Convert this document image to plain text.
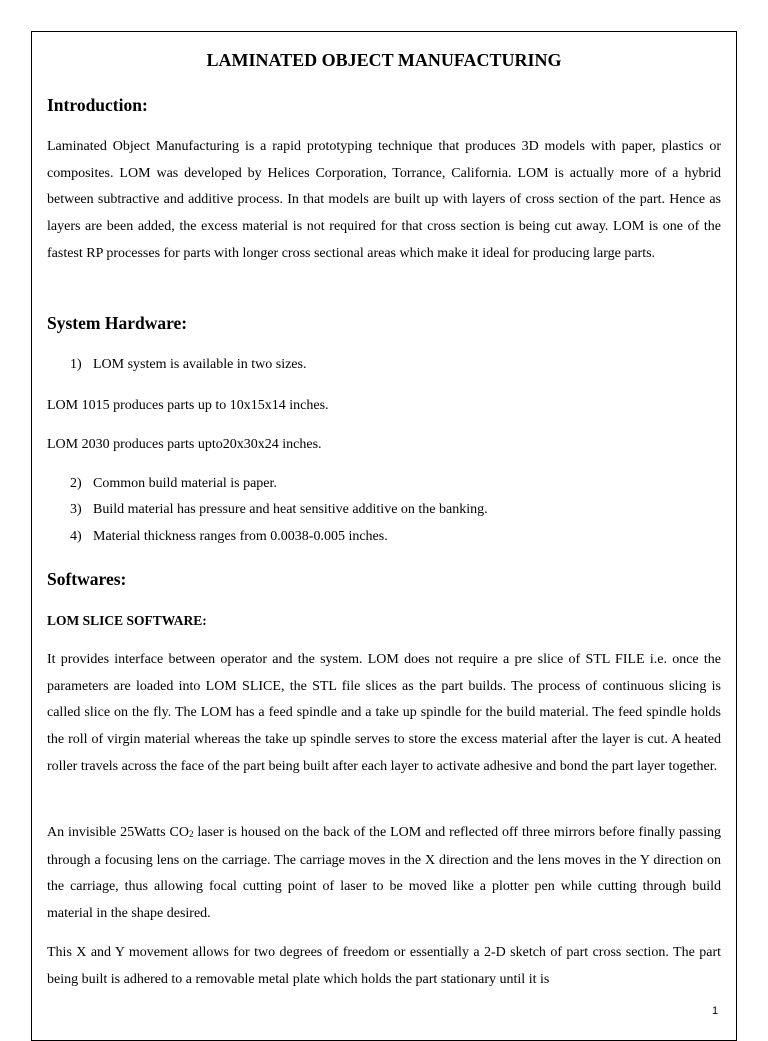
LAMINATED OBJECT MANUFACTURING
Introduction:

Laminated Object Manufacturing is a rapid prototyping technique that produces 3D models with paper, plastics or composites. LOM was developed by Helices Corporation, Torrance, California. LOM is actually more of a hybrid between subtractive and additive process. In that models are built up with layers of cross section of the part. Hence as layers are been added, the excess material is not required for that cross section is being cut away. LOM is one of the fastest RP processes for parts with longer cross sectional areas which make it ideal for producing large parts.

System Hardware:

1) LOM system is available in two sizes.

LOM 1015 produces parts up to 10x15x14 inches.

LOM 2030 produces parts upto20x30x24 inches.

2) Common build material is paper.

3) Build material has pressure and heat sensitive additive on the banking.

4) Material thickness ranges from 0.0038-0.005 inches.

Softwares:
LOM SLICE SOFTWARE:

It provides interface between operator and the system. LOM does not require a pre slice of STL FILE i.e. once the parameters are loaded into LOM SLICE, the STL file slices as the part builds. The process of continuous slicing is called slice on the fly. The LOM has a feed spindle and a take up spindle for the build material. The feed spindle holds the roll of virgin material whereas the take up spindle serves to store the excess material after the layer is cut. A heated roller travels across the face of the part being built after each layer to activate adhesive and bond the part layer together.

An invisible 25Watts $CO_2$ laser is housed on the back of the LOM and reflected off three mirrors before finally passing through a focusing lens on the carriage. The carriage moves in the X direction and the lens moves in the Y direction on the carriage, thus allowing focal cutting point of laser to be moved like a plotter pen while cutting through build material in the shape desired.

This X and Y movement allows for two degrees of freedom or essentially a 2-D sketch of part cross section. The part being built is adhered to a removable metal plate which holds the part stationary until it is

1
